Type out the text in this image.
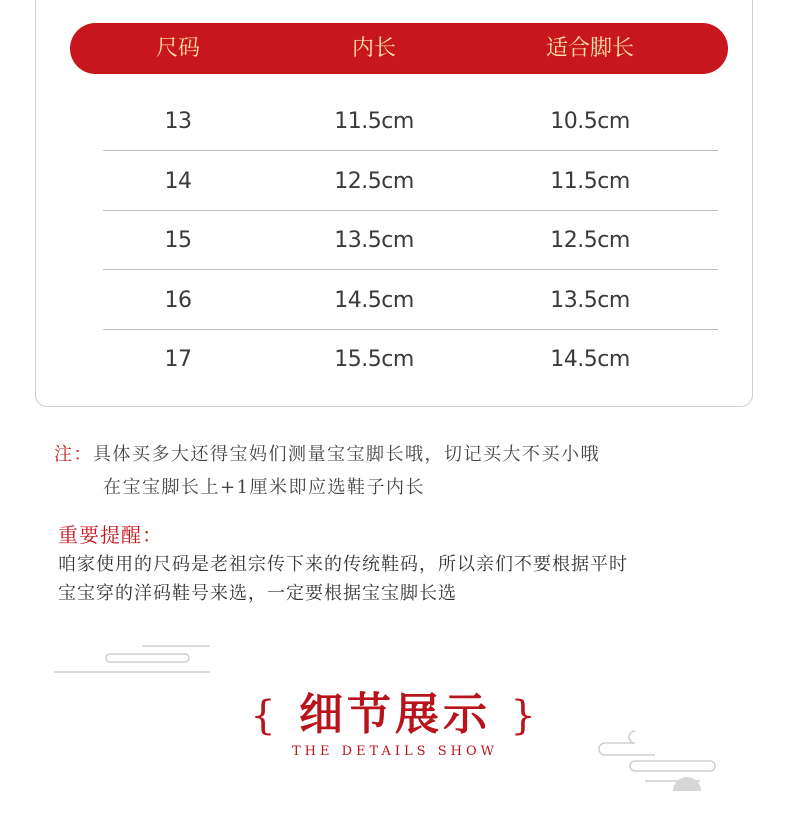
尺码	内长	适合脚长
13	11.5cm	10.5cm
14	12.5cm	11.5cm
15	13.5cm	12.5cm
16	14.5cm	13.5cm
17	15.5cm	14.5cm
注：具体买多大还得宝妈们测量宝宝脚长哦，切记买大不买小哦
在宝宝脚长上+1厘米即应选鞋子内长
重要提醒：
咱家使用的尺码是老祖宗传下来的传统鞋码，所以亲们不要根据平时
宝宝穿的洋码鞋号来选，一定要根据宝宝脚长选
{ 细节展示 }
THE DETAILS SHOW
